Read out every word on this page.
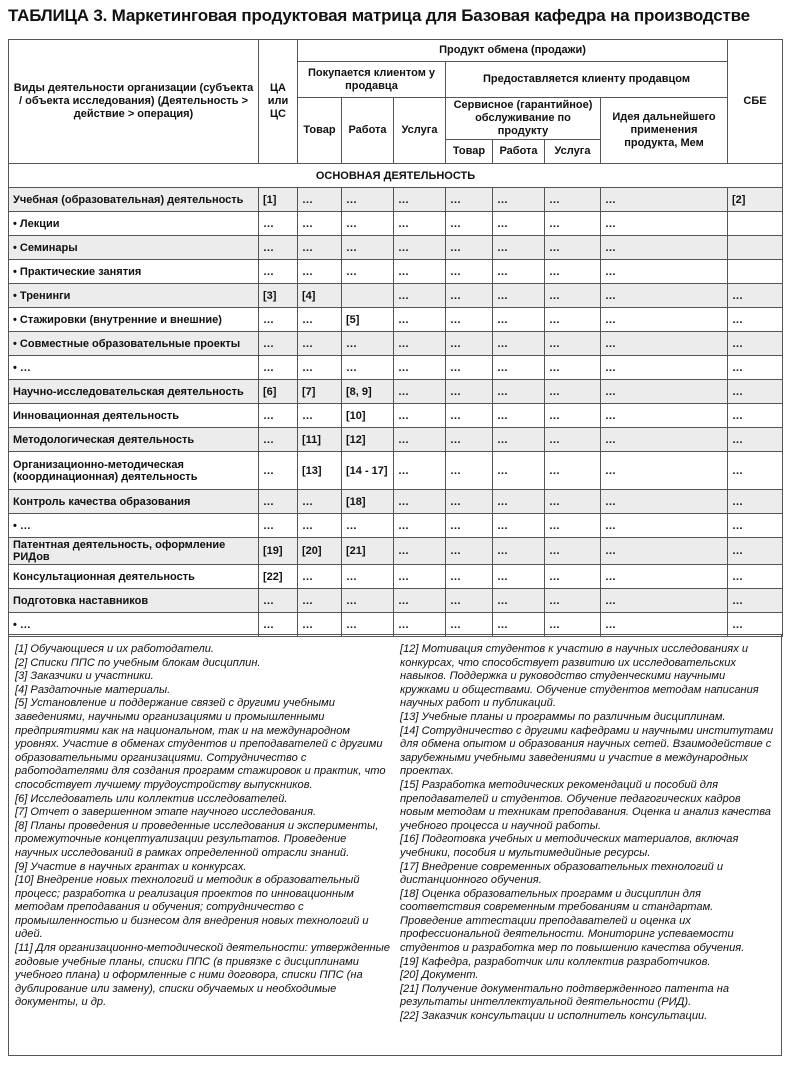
ТАБЛИЦА 3. Маркетинговая продуктовая матрица для Базовая кафедра на производстве
Виды деятельности организации (субъекта / объекта исследования) (Деятельность > действие > операция)	ЦА или ЦС	Продукт обмена (продажи)							СБЕ
		Покупается клиентом у продавца			Предоставляется клиенту продавцом				
		Товар	Работа	Услуга	Сервисное (гарантийное) обслуживание по продукту			Идея дальнейшего применения продукта, Мем	
					Товар	Работа	Услуга		
ОСНОВНАЯ ДЕЯТЕЛЬНОСТЬ									
Учебная (образовательная) деятельность	[1]	…	…	…	…	…	…	…	[2]
• Лекции	…	…	…	…	…	…	…	…	
• Семинары	…	…	…	…	…	…	…	…	
• Практические занятия	…	…	…	…	…	…	…	…	
• Тренинги	[3]	[4]		…	…	…	…	…	…
• Стажировки (внутренние и внешние)	…	…	[5]	…	…	…	…	…	…
• Совместные образовательные проекты	…	…	…	…	…	…	…	…	…
• …	…	…	…	…	…	…	…	…	…
Научно-исследовательская деятельность	[6]	[7]	[8, 9]	…	…	…	…	…	…
Инновационная деятельность	…	…	[10]	…	…	…	…	…	…
Методологическая деятельность	…	[11]	[12]	…	…	…	…	…	…
Организационно-методическая (координационная) деятельность	…	[13]	[14 - 17]	…	…	…	…	…	…
Контроль качества образования	…	…	[18]	…	…	…	…	…	…
• …	…	…	…	…	…	…	…	…	…
Патентная деятельность, оформление РИДов	[19]	[20]	[21]	…	…	…	…	…	…
Консультационная деятельность	[22]	…	…	…	…	…	…	…	…
Подготовка наставников	…	…	…	…	…	…	…	…	…
• …	…	…	…	…	…	…	…	…	…

[1] Обучающиеся и их работодатели.

[2] Списки ППС по учебным блокам дисциплин.

[3] Заказчики и участники.

[4] Раздаточные материалы.

[5] Установление и поддержание связей с другими учебными заведениями, научными организациями и промышленными предприятиями как на национальном, так и на международном уровнях. Участие в обменах студентов и преподавателей с другими образовательными организациями. Сотрудничество с работодателями для создания программ стажировок и практик, что способствует лучшему трудоустройству выпускников.

[6] Исследователь или коллектив исследователей.

[7] Отчет о завершенном этапе научного исследования.

[8] Планы проведения и проведенные исследования и эксперименты, промежуточные концептуализации результатов. Проведение научных исследований в рамках определенной отрасли знаний.

[9] Участие в научных грантах и конкурсах.

[10] Внедрение новых технологий и методик в образовательный процесс; разработка и реализация проектов по инновационным методам преподавания и обучения; сотрудничество с промышленностью и бизнесом для внедрения новых технологий и идей.

[11] Для организационно-методической деятельности: утвержденные годовые учебные планы, списки ППС (в привязке с дисциплинами учебного плана) и оформленные с ними договора, списки ППС (на дублирование или замену), списки обучаемых и необходимые документы, и др.

[12] Мотивация студентов к участию в научных исследованиях и конкурсах, что способствует развитию их исследовательских навыков. Поддержка и руководство студенческими научными кружками и обществами. Обучение студентов методам написания научных работ и публикаций.

[13] Учебные планы и программы по различным дисциплинам.

[14] Сотрудничество с другими кафедрами и научными институтами для обмена опытом и образования научных сетей. Взаимодействие с зарубежными учебными заведениями и участие в международных проектах.

[15] Разработка методических рекомендаций и пособий для преподавателей и студентов. Обучение педагогических кадров новым методам и техникам преподавания. Оценка и анализ качества учебного процесса и научной работы.

[16] Подготовка учебных и методических материалов, включая учебники, пособия и мультимедийные ресурсы.

[17] Внедрение современных образовательных технологий и дистанционного обучения.

[18] Оценка образовательных программ и дисциплин для соответствия современным требованиям и стандартам. Проведение аттестации преподавателей и оценка их профессиональной деятельности. Мониторинг успеваемости студентов и разработка мер по повышению качества обучения.

[19] Кафедра, разработчик или коллектив разработчиков.

[20] Документ.

[21] Получение документально подтвержденного патента на результаты интеллектуальной деятельности (РИД).

[22] Заказчик консультации и исполнитель консультации.
